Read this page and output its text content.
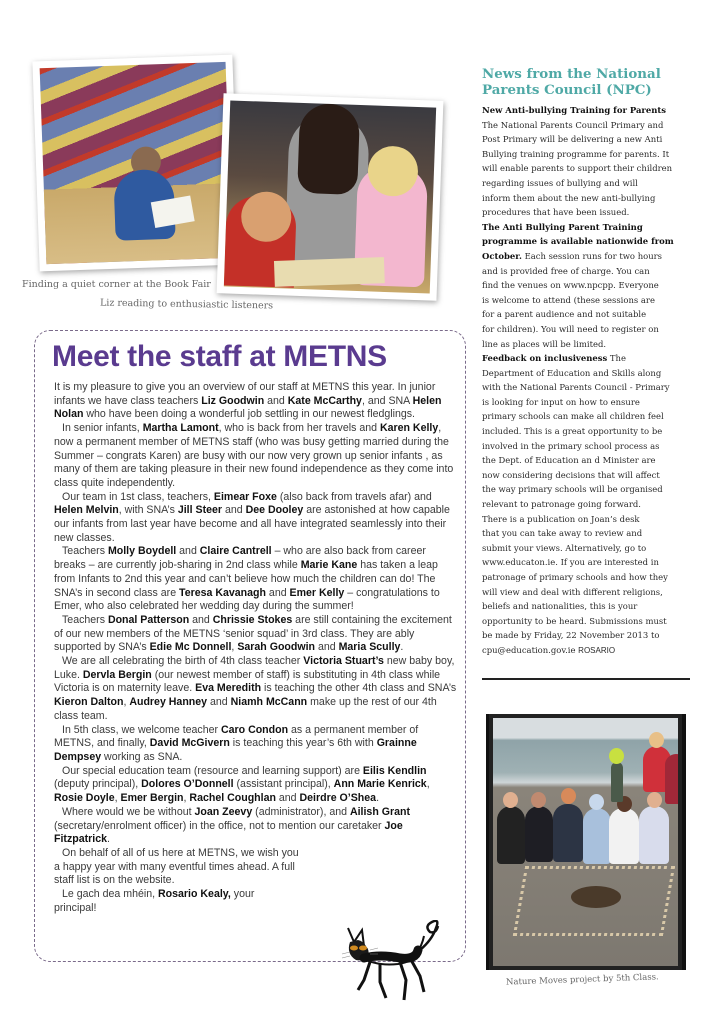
Finding a quiet corner at the Book Fair
Liz reading to enthusiastic listeners
Meet the staff at METNS

It is my pleasure to give you an overview of our staff at METNS this year. In junior infants we have class teachers Liz Goodwin and Kate McCarthy, and SNA Helen Nolan who have been doing a wonderful job settling in our newest fledglings.

In senior infants, Martha Lamont, who is back from her travels and Karen Kelly, now a permanent member of METNS staff (who was busy getting married during the Summer – congrats Karen) are busy with our now very grown up senior infants , as many of them are taking pleasure in their new found independence as they come into class quite independently.

Our team in 1st class, teachers, Eimear Foxe (also back from travels afar) and Helen Melvin, with SNA’s Jill Steer and Dee Dooley are astonished at how capable our infants from last year have become and all have integrated seamlessly into their new classes.

Teachers Molly Boydell and Claire Cantrell – who are also back from career breaks – are currently job-sharing in 2nd class while Marie Kane has taken a leap from Infants to 2nd this year and can’t believe how much the children can do! The SNA’s in second class are Teresa Kavanagh and Emer Kelly – congratulations to Emer, who also celebrated her wedding day during the summer!

Teachers Donal Patterson and Chrissie Stokes are still containing the excitement of our new members of the METNS ‘senior squad’ in 3rd class. They are ably supported by SNA’s Edie Mc Donnell, Sarah Goodwin and Maria Scully.

We are all celebrating the birth of 4th class teacher Victoria Stuart’s new baby boy, Luke. Dervla Bergin (our newest member of staff) is substituting in 4th class while Victoria is on maternity leave. Eva Meredith is teaching the other 4th class and SNA’s Kieron Dalton, Audrey Hanney and Niamh McCann make up the rest of our 4th class team.

In 5th class, we welcome teacher Caro Condon as a permanent member of METNS, and finally, David McGivern is teaching this year’s 6th with Grainne Dempsey working as SNA.

Our special education team (resource and learning support) are Eilis Kendlin (deputy principal), Dolores O’Donnell (assistant principal), Ann Marie Kenrick, Rosie Doyle, Emer Bergin, Rachel Coughlan and Deirdre O’Shea.

Where would we be without Joan Zeevy (administrator), and Ailish Grant (secretary/enrolment officer) in the office, not to mention our caretaker Joe Fitzpatrick.

On behalf of all of us here at METNS, we wish you a happy year with many eventful times ahead. A full staff list is on the website.

Le gach dea mhéin, Rosario Kealy, your principal!

News from the National Parents Council (NPC)
New Anti-bullying Training for Parents
The National Parents Council Primary and
Post Primary will be delivering a new Anti
Bullying training programme for parents. It
will enable parents to support their children
regarding issues of bullying and will
inform them about the new anti-bullying
procedures that have been issued.
The Anti Bullying Parent Training
programme is available nationwide from
October. Each session runs for two hours
and is provided free of charge. You can
find the venues on www.npcpp. Everyone
is welcome to attend (these sessions are
for a parent audience and not suitable
for children). You will need to register on
line as places will be limited.
Feedback on inclusiveness The
Department of Education and Skills along
with the National Parents Council - Primary
is looking for input on how to ensure
primary schools can make all children feel
included. This is a great opportunity to be
involved in the primary school process as
the Dept. of Education an d Minister are
now considering decisions that will affect
the way primary schools will be organised
relevant to patronage going forward.
There is a publication on Joan’s desk
that you can take away to review and
submit your views. Alternatively, go to
www.educaton.ie. If you are interested in
patronage of primary schools and how they
will view and deal with different religions,
beliefs and nationalities, this is your
opportunity to be heard. Submissions must
be made by Friday, 22 November 2013 to
cpu@education.gov.ie ROSARIO
Nature Moves project by 5th Class.
